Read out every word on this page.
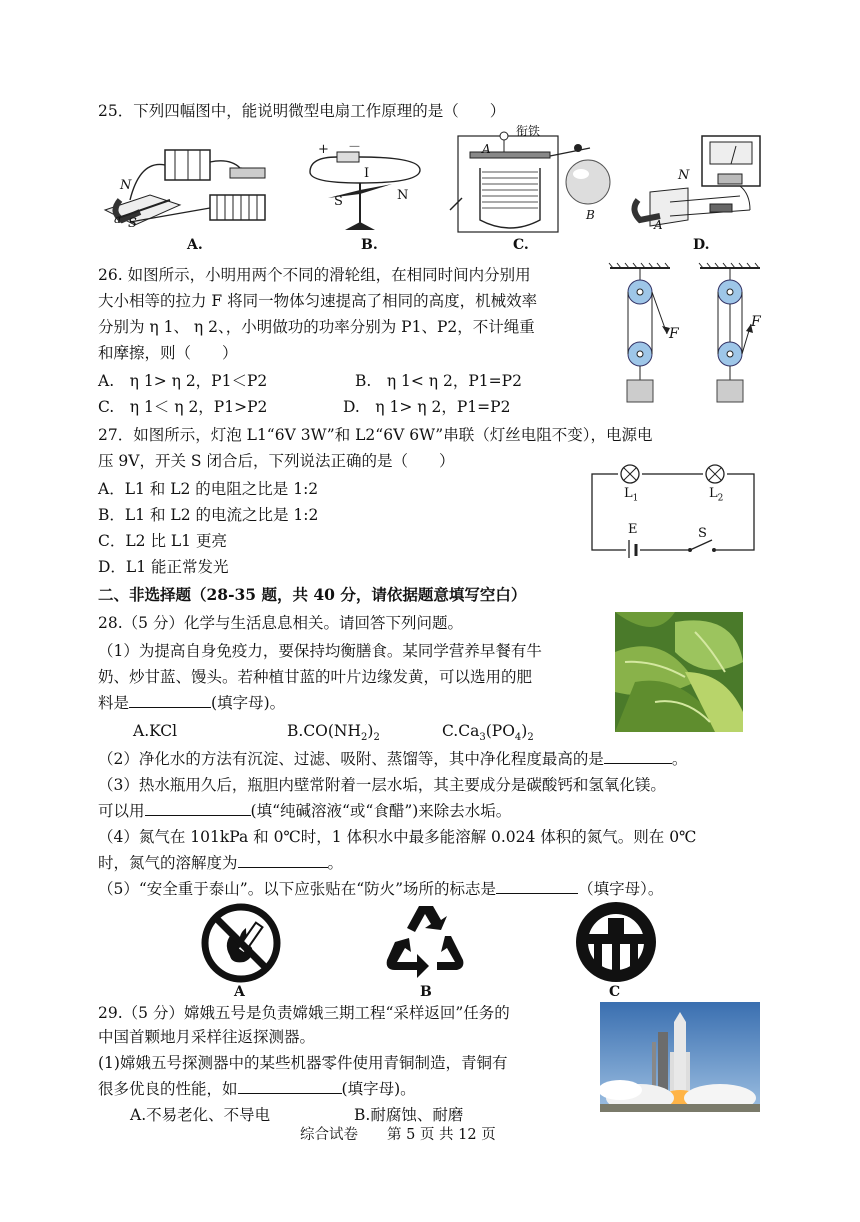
25．下列四幅图中，能说明微型电扇工作原理的是（　　）
N
S
a
A.
+ －
I
S	N
B.
衔铁
A
B
C.
N
A
D.
26. 如图所示，小明用两个不同的滑轮组，在相同时间内分别用
大小相等的拉力 F 将同一物体匀速提高了相同的高度，机械效率
分别为 η 1、 η 2、，小明做功的功率分别为 P1、P2，不计绳重
和摩擦，则（　　）
A.　η 1> η 2，P1＜P2	B.　η 1< η 2，P1=P2
C.　η 1＜ η 2，P1>P2	D.　η 1> η 2，P1=P2
F
F
27．如图所示，灯泡 L1“6V 3W”和 L2“6V 6W”串联（灯丝电阻不变），电源电
压 9V，开关 S 闭合后，下列说法正确的是（　　）
A．L1 和 L2 的电阻之比是 1:2
B．L1 和 L2 的电流之比是 1:2
C．L2 比 L1 更亮
D．L1 能正常发光
$L_1$	$L_2$
E	S
二、非选择题（28-35 题，共 40 分，请依据题意填写空白）
28.（5 分）化学与生活息息相关。请回答下列问题。
（1）为提高自身免疫力，要保持均衡膳食。某同学营养早餐有牛
奶、炒甘蓝、馒头。若种植甘蓝的叶片边缘发黄，可以选用的肥
料是	(填字母)。
A.KCl	$B.CO(NH_2)_2$	$C.Ca_3(PO_4)_2$
（2）净化水的方法有沉淀、过滤、吸附、蒸馏等，其中净化程度最高的是	。
（3）热水瓶用久后，瓶胆内壁常附着一层水垢，其主要成分是碳酸钙和氢氧化镁。
可以用	(填“纯碱溶液“或“食醋”)来除去水垢。
（4）氮气在 101kPa 和 0℃时，1 体积水中最多能溶解 0.024 体积的氮气。则在 0℃
时，氮气的溶解度为	。
（5）“安全重于泰山”。以下应张贴在“防火”场所的标志是	（填字母）。
A	B	C
29.（5 分）嫦娥五号是负责嫦娥三期工程“采样返回”任务的
中国首颗地月采样往返探测器。
(1)嫦娥五号探测器中的某些机器零件使用青铜制造，青铜有
很多优良的性能，如	(填字母)。
A.不易老化、不导电	B.耐腐蚀、耐磨
综合试卷　　第 5 页 共 12 页
